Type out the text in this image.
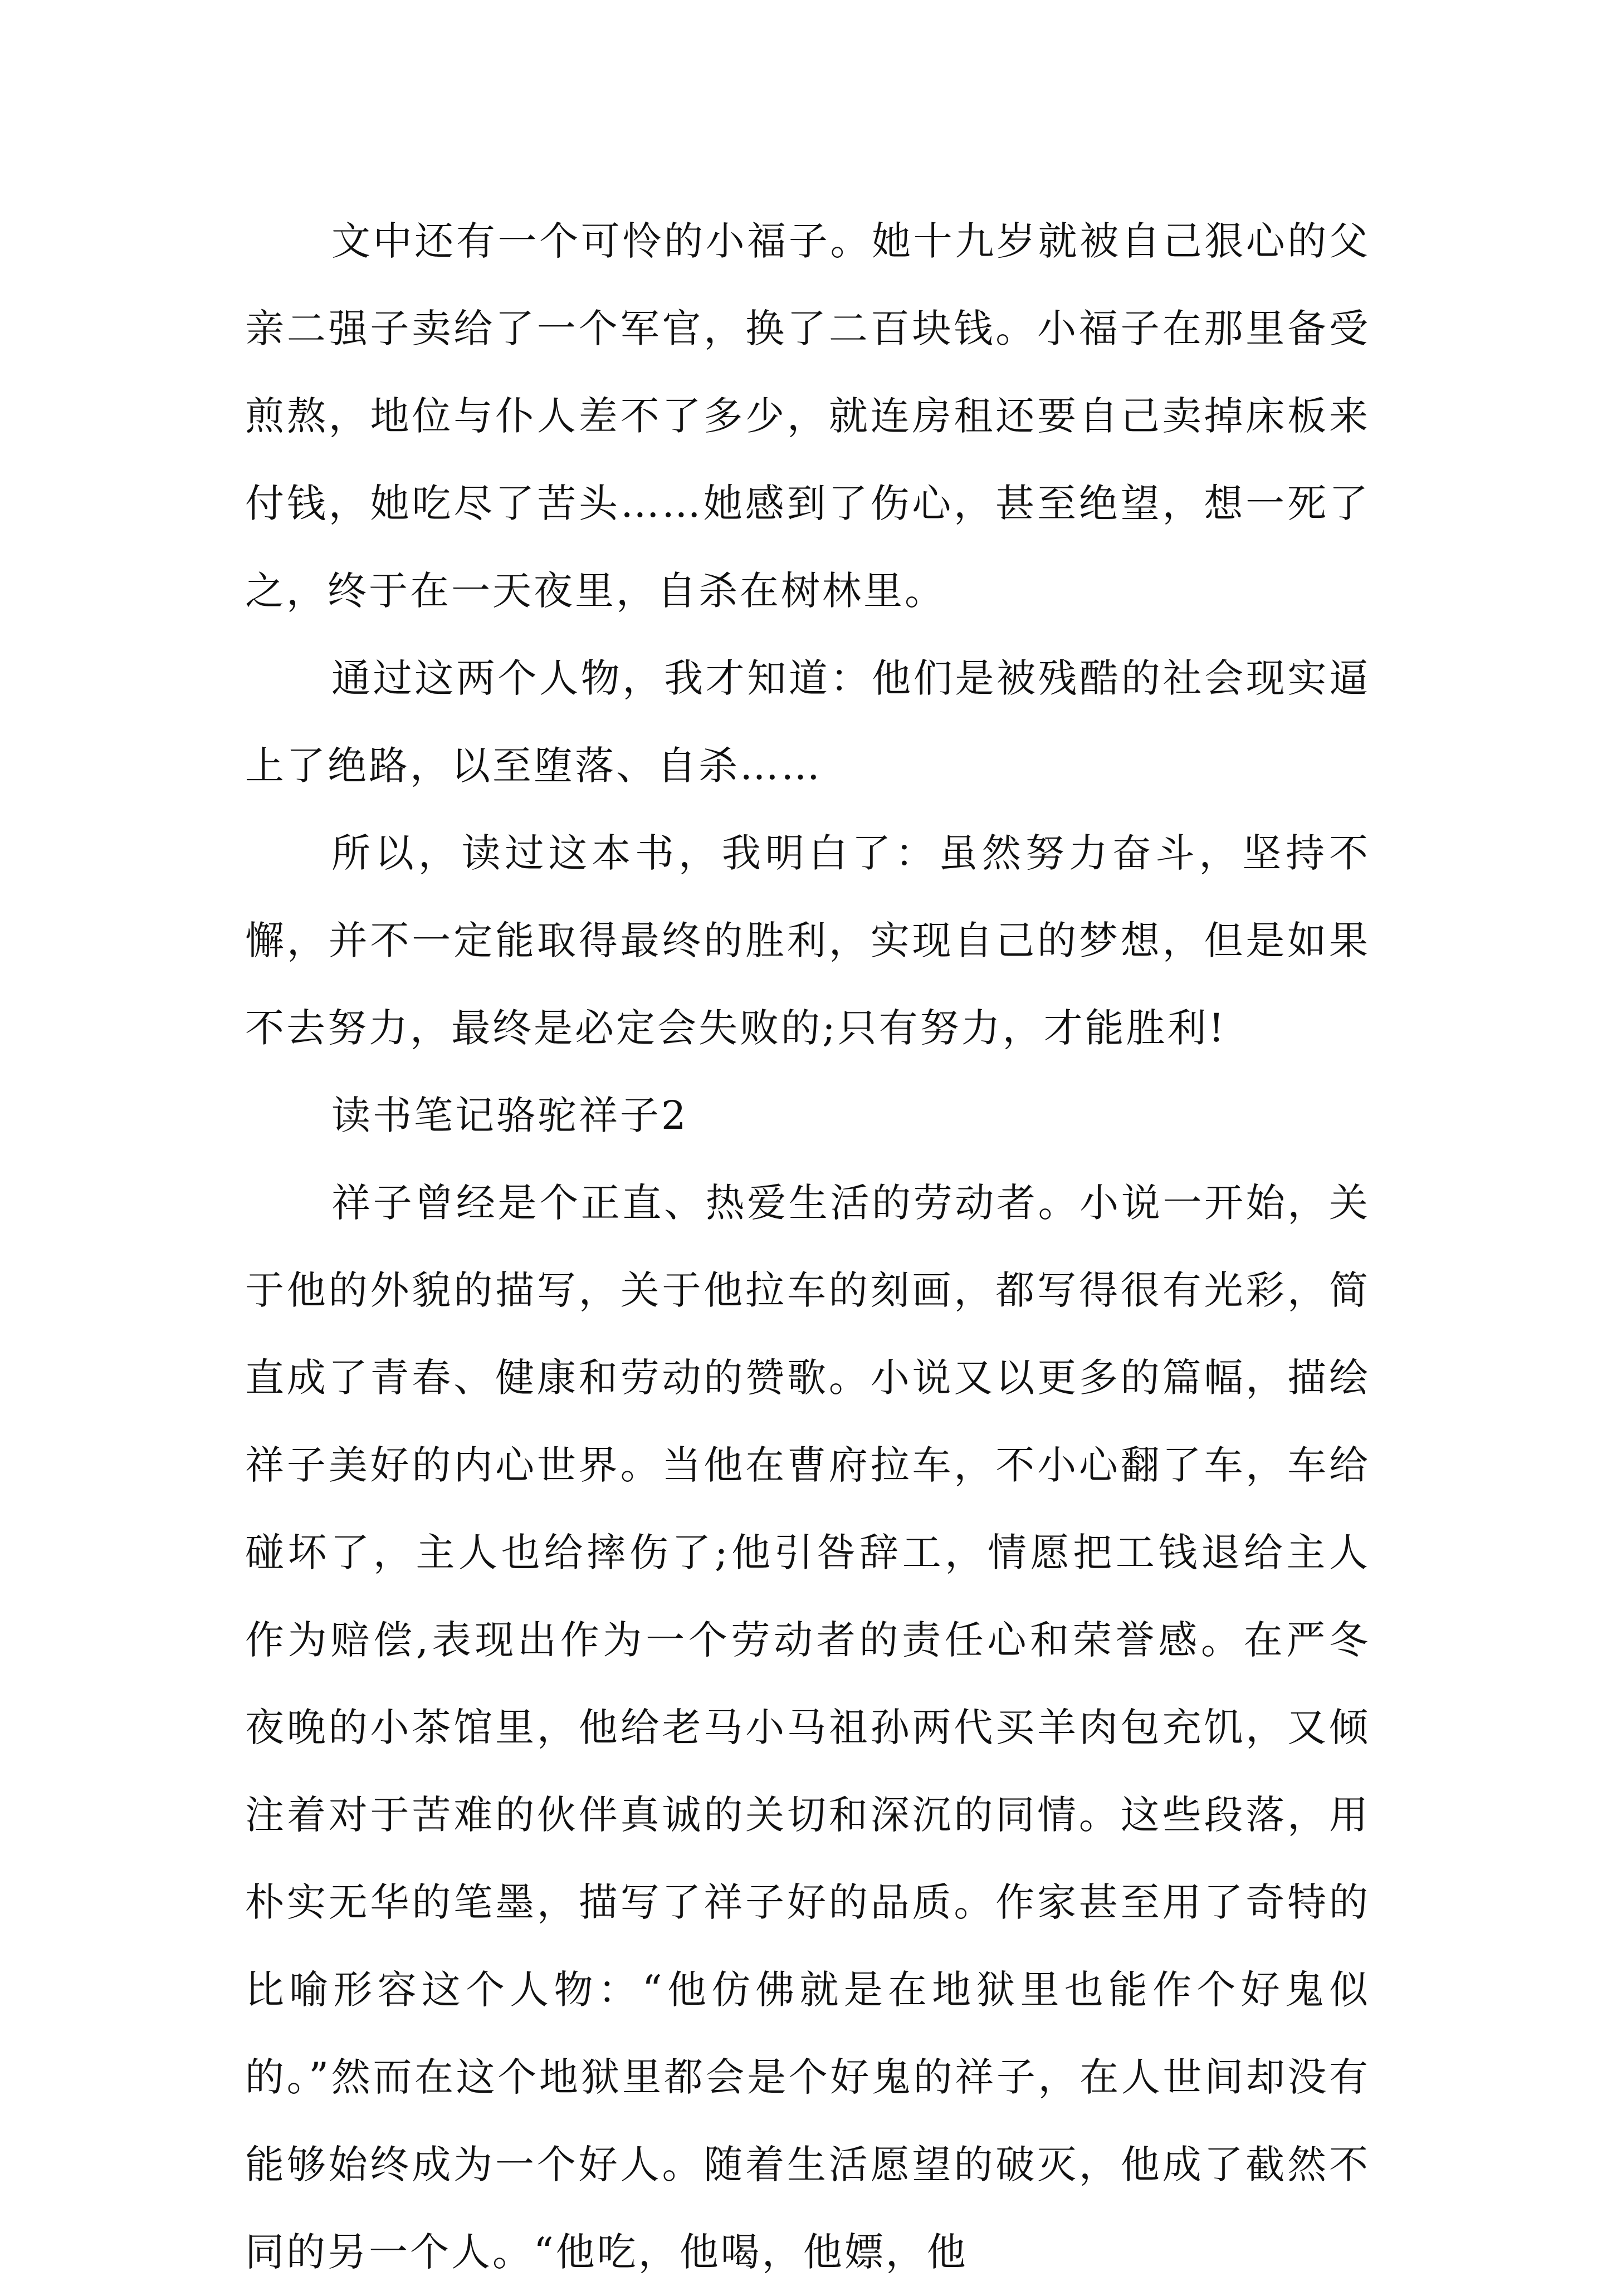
文中还有一个可怜的小福子。她十九岁就被自己狠心的父亲二强子卖给了一个军官，换了二百块钱。小福子在那里备受煎熬，地位与仆人差不了多少，就连房租还要自己卖掉床板来付钱，她吃尽了苦头……她感到了伤心，甚至绝望，想一死了之，终于在一天夜里，自杀在树林里。

通过这两个人物，我才知道：他们是被残酷的社会现实逼上了绝路，以至堕落、自杀……

所以，读过这本书，我明白了：虽然努力奋斗，坚持不懈，并不一定能取得最终的胜利，实现自己的梦想，但是如果不去努力，最终是必定会失败的;只有努力，才能胜利!

读书笔记骆驼祥子2

祥子曾经是个正直、热爱生活的劳动者。小说一开始，关于他的外貌的描写，关于他拉车的刻画，都写得很有光彩，简直成了青春、健康和劳动的赞歌。小说又以更多的篇幅，描绘祥子美好的内心世界。当他在曹府拉车，不小心翻了车，车给碰坏了，主人也给摔伤了;他引咎辞工，情愿把工钱退给主人作为赔偿,表现出作为一个劳动者的责任心和荣誉感。在严冬夜晚的小茶馆里，他给老马小马祖孙两代买羊肉包充饥，又倾注着对于苦难的伙伴真诚的关切和深沉的同情。这些段落，用朴实无华的笔墨，描写了祥子好的品质。作家甚至用了奇特的比喻形容这个人物：“他仿佛就是在地狱里也能作个好鬼似的。”然而在这个地狱里都会是个好鬼的祥子，在人世间却没有能够始终成为一个好人。随着生活愿望的破灭，他成了截然不同的另一个人。“他吃，他喝，他嫖，他
